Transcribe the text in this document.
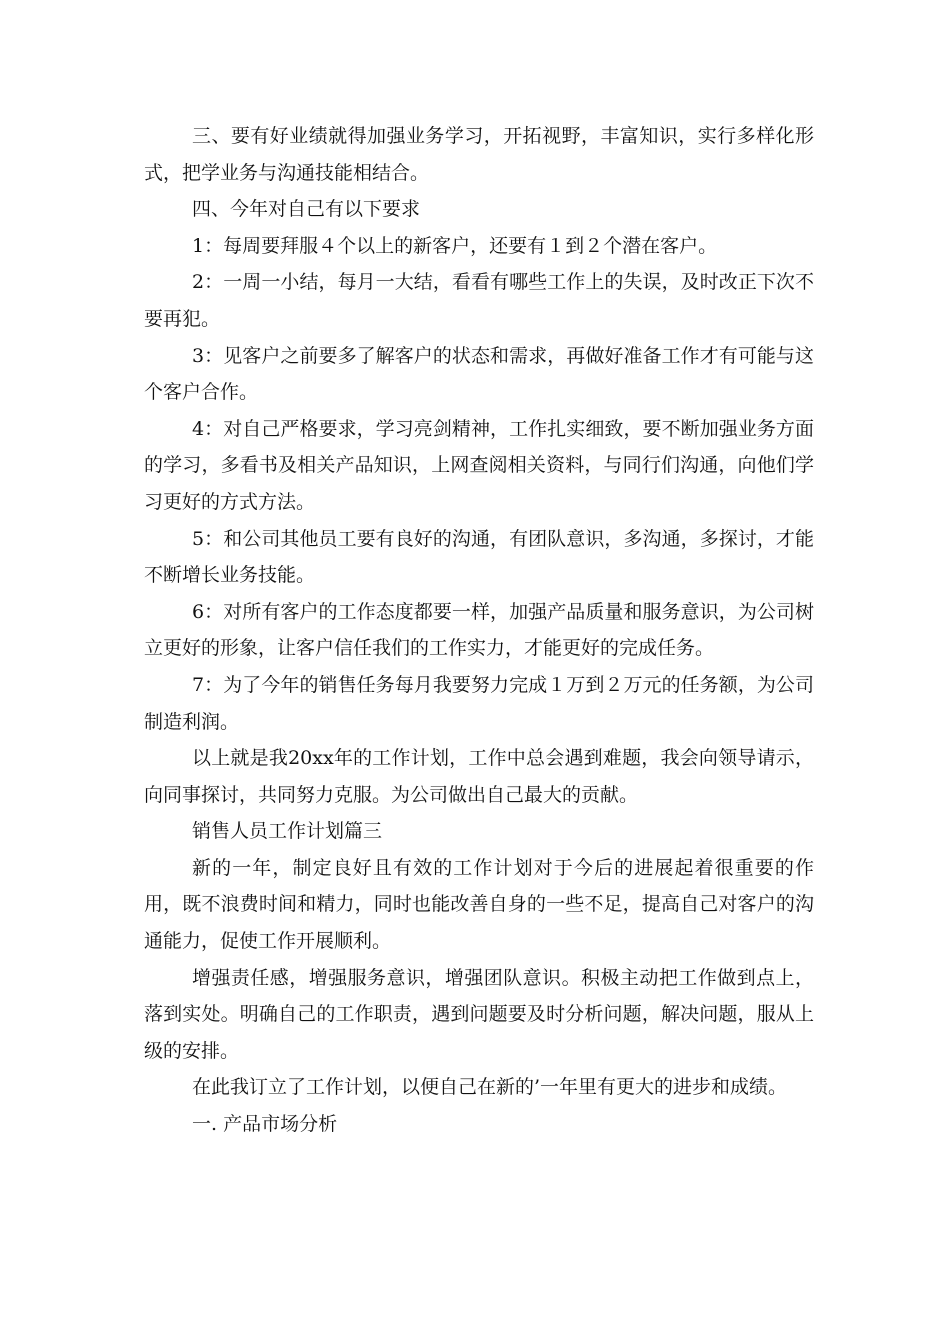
三、要有好业绩就得加强业务学习，开拓视野，丰富知识，实行多样化形式，把学业务与沟通技能相结合。

四、今年对自己有以下要求

1：每周要拜服４个以上的新客户，还要有１到２个潜在客户。

2：一周一小结，每月一大结，看看有哪些工作上的失误，及时改正下次不要再犯。

3：见客户之前要多了解客户的状态和需求，再做好准备工作才有可能与这个客户合作。

4：对自己严格要求，学习亮剑精神，工作扎实细致，要不断加强业务方面的学习，多看书及相关产品知识，上网查阅相关资料，与同行们沟通，向他们学习更好的方式方法。

5：和公司其他员工要有良好的沟通，有团队意识，多沟通，多探讨，才能不断增长业务技能。

6：对所有客户的工作态度都要一样，加强产品质量和服务意识，为公司树立更好的形象，让客户信任我们的工作实力，才能更好的完成任务。

7：为了今年的销售任务每月我要努力完成１万到２万元的任务额，为公司制造利润。

以上就是我20xx年的工作计划，工作中总会遇到难题，我会向领导请示，向同事探讨，共同努力克服。为公司做出自己最大的贡献。

销售人员工作计划篇三

新的一年，制定良好且有效的工作计划对于今后的进展起着很重要的作用，既不浪费时间和精力，同时也能改善自身的一些不足，提高自己对客户的沟通能力，促使工作开展顺利。

增强责任感，增强服务意识，增强团队意识。积极主动把工作做到点上，落到实处。明确自己的工作职责，遇到问题要及时分析问题，解决问题，服从上级的安排。

在此我订立了工作计划，以便自己在新的’一年里有更大的进步和成绩。

一. 产品市场分析
